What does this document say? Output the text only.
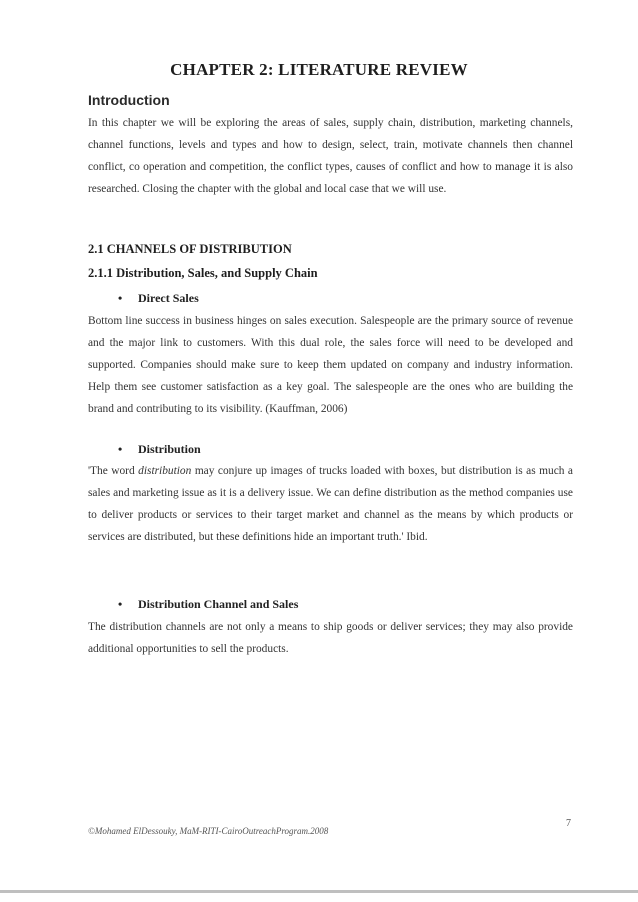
CHAPTER 2: LITERATURE REVIEW
Introduction
In this chapter we will be exploring the areas of sales, supply chain, distribution, marketing channels, channel functions, levels and types and how to design, select, train, motivate channels then channel conflict, co operation and competition, the conflict types, causes of conflict and how to manage it is also researched. Closing the chapter with the global and local case that we will use.
2.1 CHANNELS OF DISTRIBUTION
2.1.1 Distribution, Sales, and Supply Chain
• Direct Sales
Bottom line success in business hinges on sales execution. Salespeople are the primary source of revenue and the major link to customers. With this dual role, the sales force will need to be developed and supported. Companies should make sure to keep them updated on company and industry information. Help them see customer satisfaction as a key goal. The salespeople are the ones who are building the brand and contributing to its visibility. (Kauffman, 2006)
• Distribution
'The word distribution may conjure up images of trucks loaded with boxes, but distribution is as much a sales and marketing issue as it is a delivery issue. We can define distribution as the method companies use to deliver products or services to their target market and channel as the means by which products or services are distributed, but these definitions hide an important truth.' Ibid.
• Distribution Channel and Sales
The distribution channels are not only a means to ship goods or deliver services; they may also provide additional opportunities to sell the products.
7
©Mohamed ElDessouky, MaM-RITI-CairoOutreachProgram.2008
